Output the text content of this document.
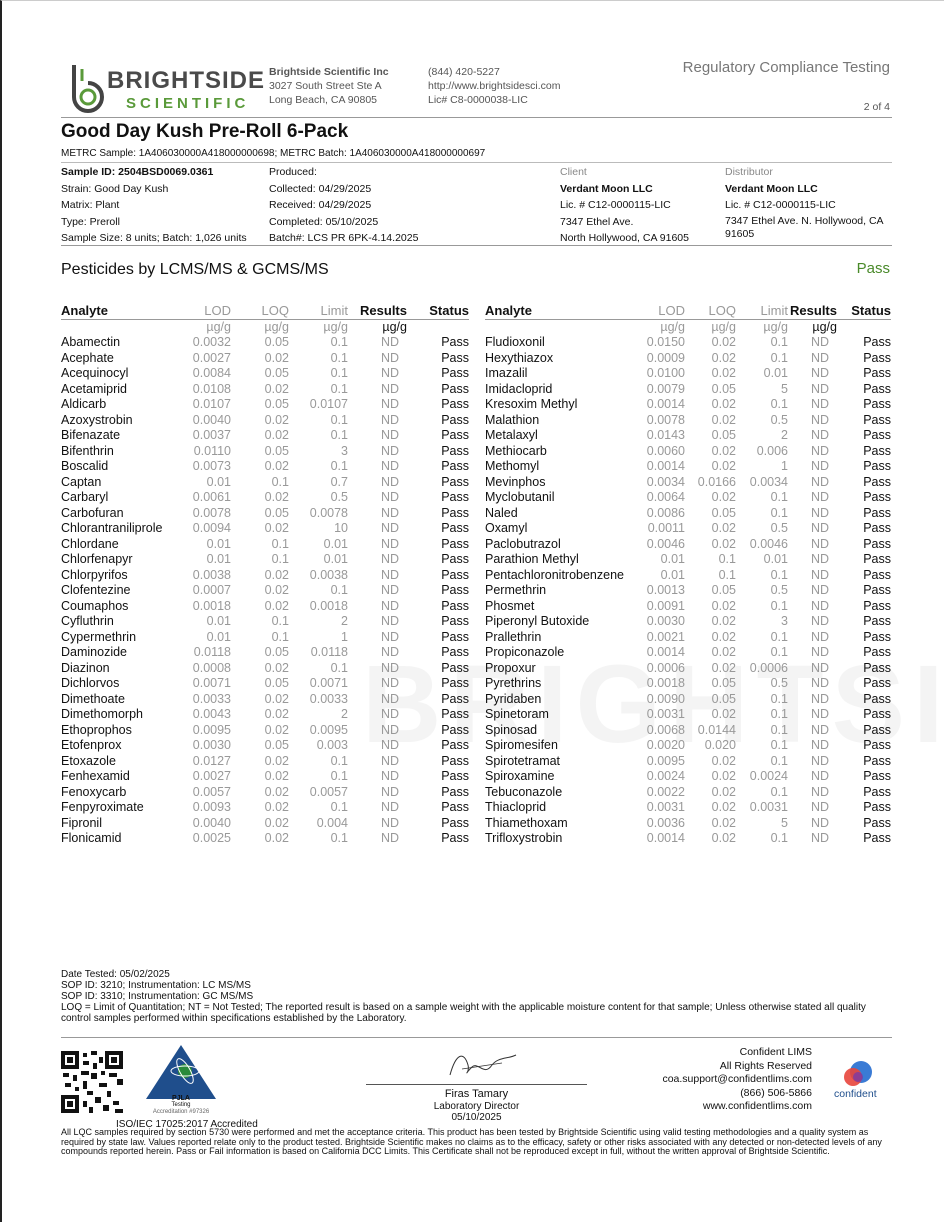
BRIGHTSIDE
SCIENTIFIC
Brightside Scientific Inc
3027 South Street Ste A
Long Beach, CA 90805
(844) 420-5227
http://www.brightsidesci.com
Lic# C8-0000038-LIC
Regulatory Compliance Testing
2 of 4
Good Day Kush Pre-Roll 6-Pack
METRC Sample: 1A406030000A418000000698; METRC Batch: 1A406030000A418000000697
Sample ID: 2504BSD0069.0361
Strain: Good Day Kush
Matrix: Plant
Type: Preroll
Sample Size: 8 units; Batch: 1,026 units
Produced:
Collected: 04/29/2025
Received: 04/29/2025
Completed: 05/10/2025
Batch#: LCS PR 6PK-4.14.2025
Client
Verdant Moon LLC
Lic. # C12-0000115-LIC
7347 Ethel Ave.
North Hollywood, CA 91605
Distributor
Verdant Moon LLC
Lic. # C12-0000115-LIC
7347 Ethel Ave. N. Hollywood, CA
91605
Pesticides by LCMS/MS & GCMS/MS	Pass
Analyte	LOD	LOQ	Limit	Results	Status
	µg/g	µg/g	µg/g	µg/g	
Abamectin	0.0032	0.05	0.1	ND	Pass
Acephate	0.0027	0.02	0.1	ND	Pass
Acequinocyl	0.0084	0.05	0.1	ND	Pass
Acetamiprid	0.0108	0.02	0.1	ND	Pass
Aldicarb	0.0107	0.05	0.0107	ND	Pass
Azoxystrobin	0.0040	0.02	0.1	ND	Pass
Bifenazate	0.0037	0.02	0.1	ND	Pass
Bifenthrin	0.0110	0.05	3	ND	Pass
Boscalid	0.0073	0.02	0.1	ND	Pass
Captan	0.01	0.1	0.7	ND	Pass
Carbaryl	0.0061	0.02	0.5	ND	Pass
Carbofuran	0.0078	0.05	0.0078	ND	Pass
Chlorantraniliprole	0.0094	0.02	10	ND	Pass
Chlordane	0.01	0.1	0.01	ND	Pass
Chlorfenapyr	0.01	0.1	0.01	ND	Pass
Chlorpyrifos	0.0038	0.02	0.0038	ND	Pass
Clofentezine	0.0007	0.02	0.1	ND	Pass
Coumaphos	0.0018	0.02	0.0018	ND	Pass
Cyfluthrin	0.01	0.1	2	ND	Pass
Cypermethrin	0.01	0.1	1	ND	Pass
Daminozide	0.0118	0.05	0.0118	ND	Pass
Diazinon	0.0008	0.02	0.1	ND	Pass
Dichlorvos	0.0071	0.05	0.0071	ND	Pass
Dimethoate	0.0033	0.02	0.0033	ND	Pass
Dimethomorph	0.0043	0.02	2	ND	Pass
Ethoprophos	0.0095	0.02	0.0095	ND	Pass
Etofenprox	0.0030	0.05	0.003	ND	Pass
Etoxazole	0.0127	0.02	0.1	ND	Pass
Fenhexamid	0.0027	0.02	0.1	ND	Pass
Fenoxycarb	0.0057	0.02	0.0057	ND	Pass
Fenpyroximate	0.0093	0.02	0.1	ND	Pass
Fipronil	0.0040	0.02	0.004	ND	Pass
Flonicamid	0.0025	0.02	0.1	ND	Pass
Analyte	LOD	LOQ	Limit	Results	Status
	µg/g	µg/g	µg/g	µg/g	
Fludioxonil	0.0150	0.02	0.1	ND	Pass
Hexythiazox	0.0009	0.02	0.1	ND	Pass
Imazalil	0.0100	0.02	0.01	ND	Pass
Imidacloprid	0.0079	0.05	5	ND	Pass
Kresoxim Methyl	0.0014	0.02	0.1	ND	Pass
Malathion	0.0078	0.02	0.5	ND	Pass
Metalaxyl	0.0143	0.05	2	ND	Pass
Methiocarb	0.0060	0.02	0.006	ND	Pass
Methomyl	0.0014	0.02	1	ND	Pass
Mevinphos	0.0034	0.0166	0.0034	ND	Pass
Myclobutanil	0.0064	0.02	0.1	ND	Pass
Naled	0.0086	0.05	0.1	ND	Pass
Oxamyl	0.0011	0.02	0.5	ND	Pass
Paclobutrazol	0.0046	0.02	0.0046	ND	Pass
Parathion Methyl	0.01	0.1	0.01	ND	Pass
Pentachloronitrobenzene	0.01	0.1	0.1	ND	Pass
Permethrin	0.0013	0.05	0.5	ND	Pass
Phosmet	0.0091	0.02	0.1	ND	Pass
Piperonyl Butoxide	0.0030	0.02	3	ND	Pass
Prallethrin	0.0021	0.02	0.1	ND	Pass
Propiconazole	0.0014	0.02	0.1	ND	Pass
Propoxur	0.0006	0.02	0.0006	ND	Pass
Pyrethrins	0.0018	0.05	0.5	ND	Pass
Pyridaben	0.0090	0.05	0.1	ND	Pass
Spinetoram	0.0031	0.02	0.1	ND	Pass
Spinosad	0.0068	0.0144	0.1	ND	Pass
Spiromesifen	0.0020	0.020	0.1	ND	Pass
Spirotetramat	0.0095	0.02	0.1	ND	Pass
Spiroxamine	0.0024	0.02	0.0024	ND	Pass
Tebuconazole	0.0022	0.02	0.1	ND	Pass
Thiacloprid	0.0031	0.02	0.0031	ND	Pass
Thiamethoxam	0.0036	0.02	5	ND	Pass
Trifloxystrobin	0.0014	0.02	0.1	ND	Pass
Date Tested: 05/02/2025
SOP ID: 3210; Instrumentation: LC MS/MS
SOP ID: 3310; Instrumentation: GC MS/MS
LOQ = Limit of Quantitation; NT = Not Tested; The reported result is based on a sample weight with the applicable moisture content for that sample; Unless otherwise stated all quality control samples performed within specifications established by the Laboratory.
PJLA
Testing
Accreditation #97326
ISO/IEC 17025:2017 Accredited
Firas Tamary
Laboratory Director
05/10/2025
Confident LIMS
All Rights Reserved
coa.support@confidentlims.com
(866) 506-5866
www.confidentlims.com
confident
All LQC samples required by section 5730 were performed and met the acceptance criteria. This product has been tested by Brightside Scientific using valid testing methodologies and a quality system as required by state law. Values reported relate only to the product tested. Brightside Scientific makes no claims as to the efficacy, safety or other risks associated with any detected or non-detected levels of any compounds reported herein. Pass or Fail information is based on California DCC Limits. This Certificate shall not be reproduced except in full, without the written approval of Brightside Scientific.
